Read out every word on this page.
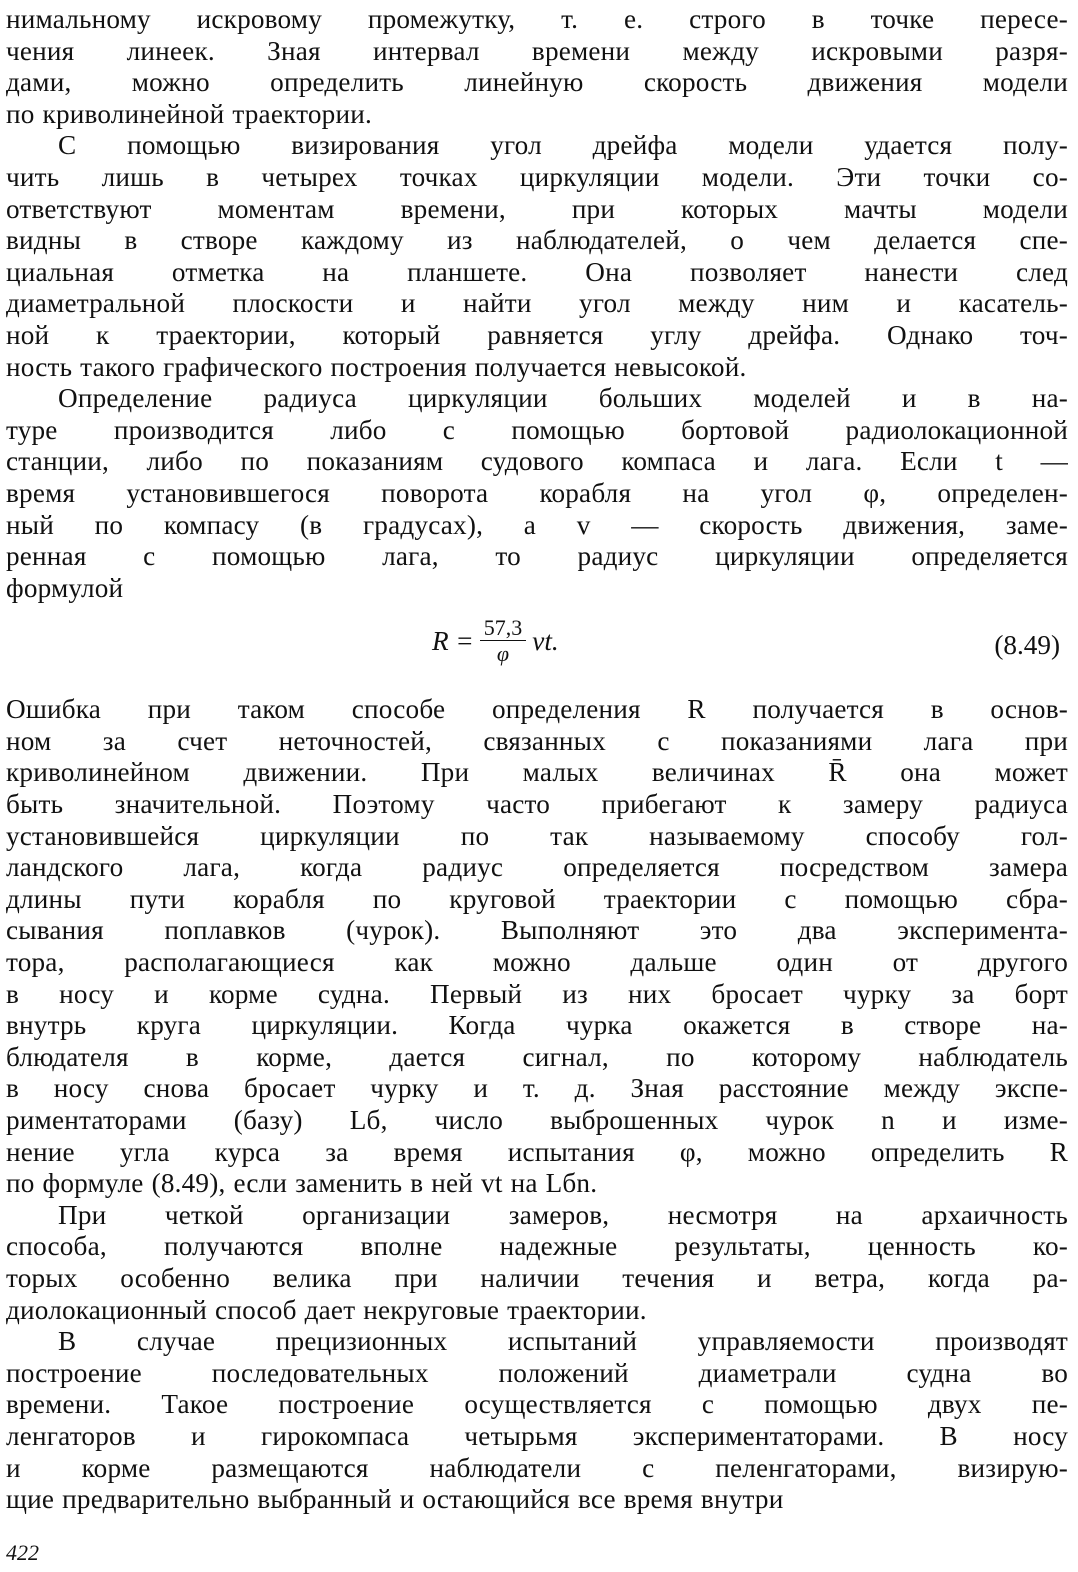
нимальному искровому промежутку, т. е. строго в точке пересе-
чения линеек. Зная интервал времени между искровыми разря-
дами, можно определить линейную скорость движения модели
по криволинейной траектории.

С помощью визирования угол дрейфа модели удается полу-
чить лишь в четырех точках циркуляции модели. Эти точки со-
ответствуют моментам времени, при которых мачты модели
видны в створе каждому из наблюдателей, о чем делается спе-
циальная отметка на планшете. Она позволяет нанести след
диаметральной плоскости и найти угол между ним и касатель-
ной к траектории, который равняется углу дрейфа. Однако точ-
ность такого графического построения получается невысокой.

Определение радиуса циркуляции больших моделей и в на-
туре производится либо с помощью бортовой радиолокационной
станции, либо по показаниям судового компаса и лага. Если t —
время установившегося поворота корабля на угол φ, определен-
ный по компасу (в градусах), а v — скорость движения, заме-
ренная с помощью лага, то радиус циркуляции определяется
формулой

$R = \frac{57,3}{\varphi}$ vt.	(8.49)

Ошибка при таком способе определения R получается в основ-
ном за счет неточностей, связанных с показаниями лага при
криволинейном движении. При малых величинах R̄ она может
быть значительной. Поэтому часто прибегают к замеру радиуса
установившейся циркуляции по так называемому способу гол-
ландского лага, когда радиус определяется посредством замера
длины пути корабля по круговой траектории с помощью сбра-
сывания поплавков (чурок). Выполняют это два эксперимента-
тора, располагающиеся как можно дальше один от другого
в носу и корме судна. Первый из них бросает чурку за борт
внутрь круга циркуляции. Когда чурка окажется в створе на-
блюдателя в корме, дается сигнал, по которому наблюдатель
в носу снова бросает чурку и т. д. Зная расстояние между экспе-
риментаторами (базу) Lб, число выброшенных чурок n и изме-
нение угла курса за время испытания φ, можно определить R
по формуле (8.49), если заменить в ней vt на Lбn.

При четкой организации замеров, несмотря на архаичность
способа, получаются вполне надежные результаты, ценность ко-
торых особенно велика при наличии течения и ветра, когда ра-
диолокационный способ дает некруговые траектории.

В случае прецизионных испытаний управляемости производят
построение последовательных положений диаметрали судна во
времени. Такое построение осуществляется с помощью двух пе-
ленгаторов и гирокомпаса четырьмя экспериментаторами. В носу
и корме размещаются наблюдатели с пеленгаторами, визирую-
щие предварительно выбранный и остающийся все время внутри

422
